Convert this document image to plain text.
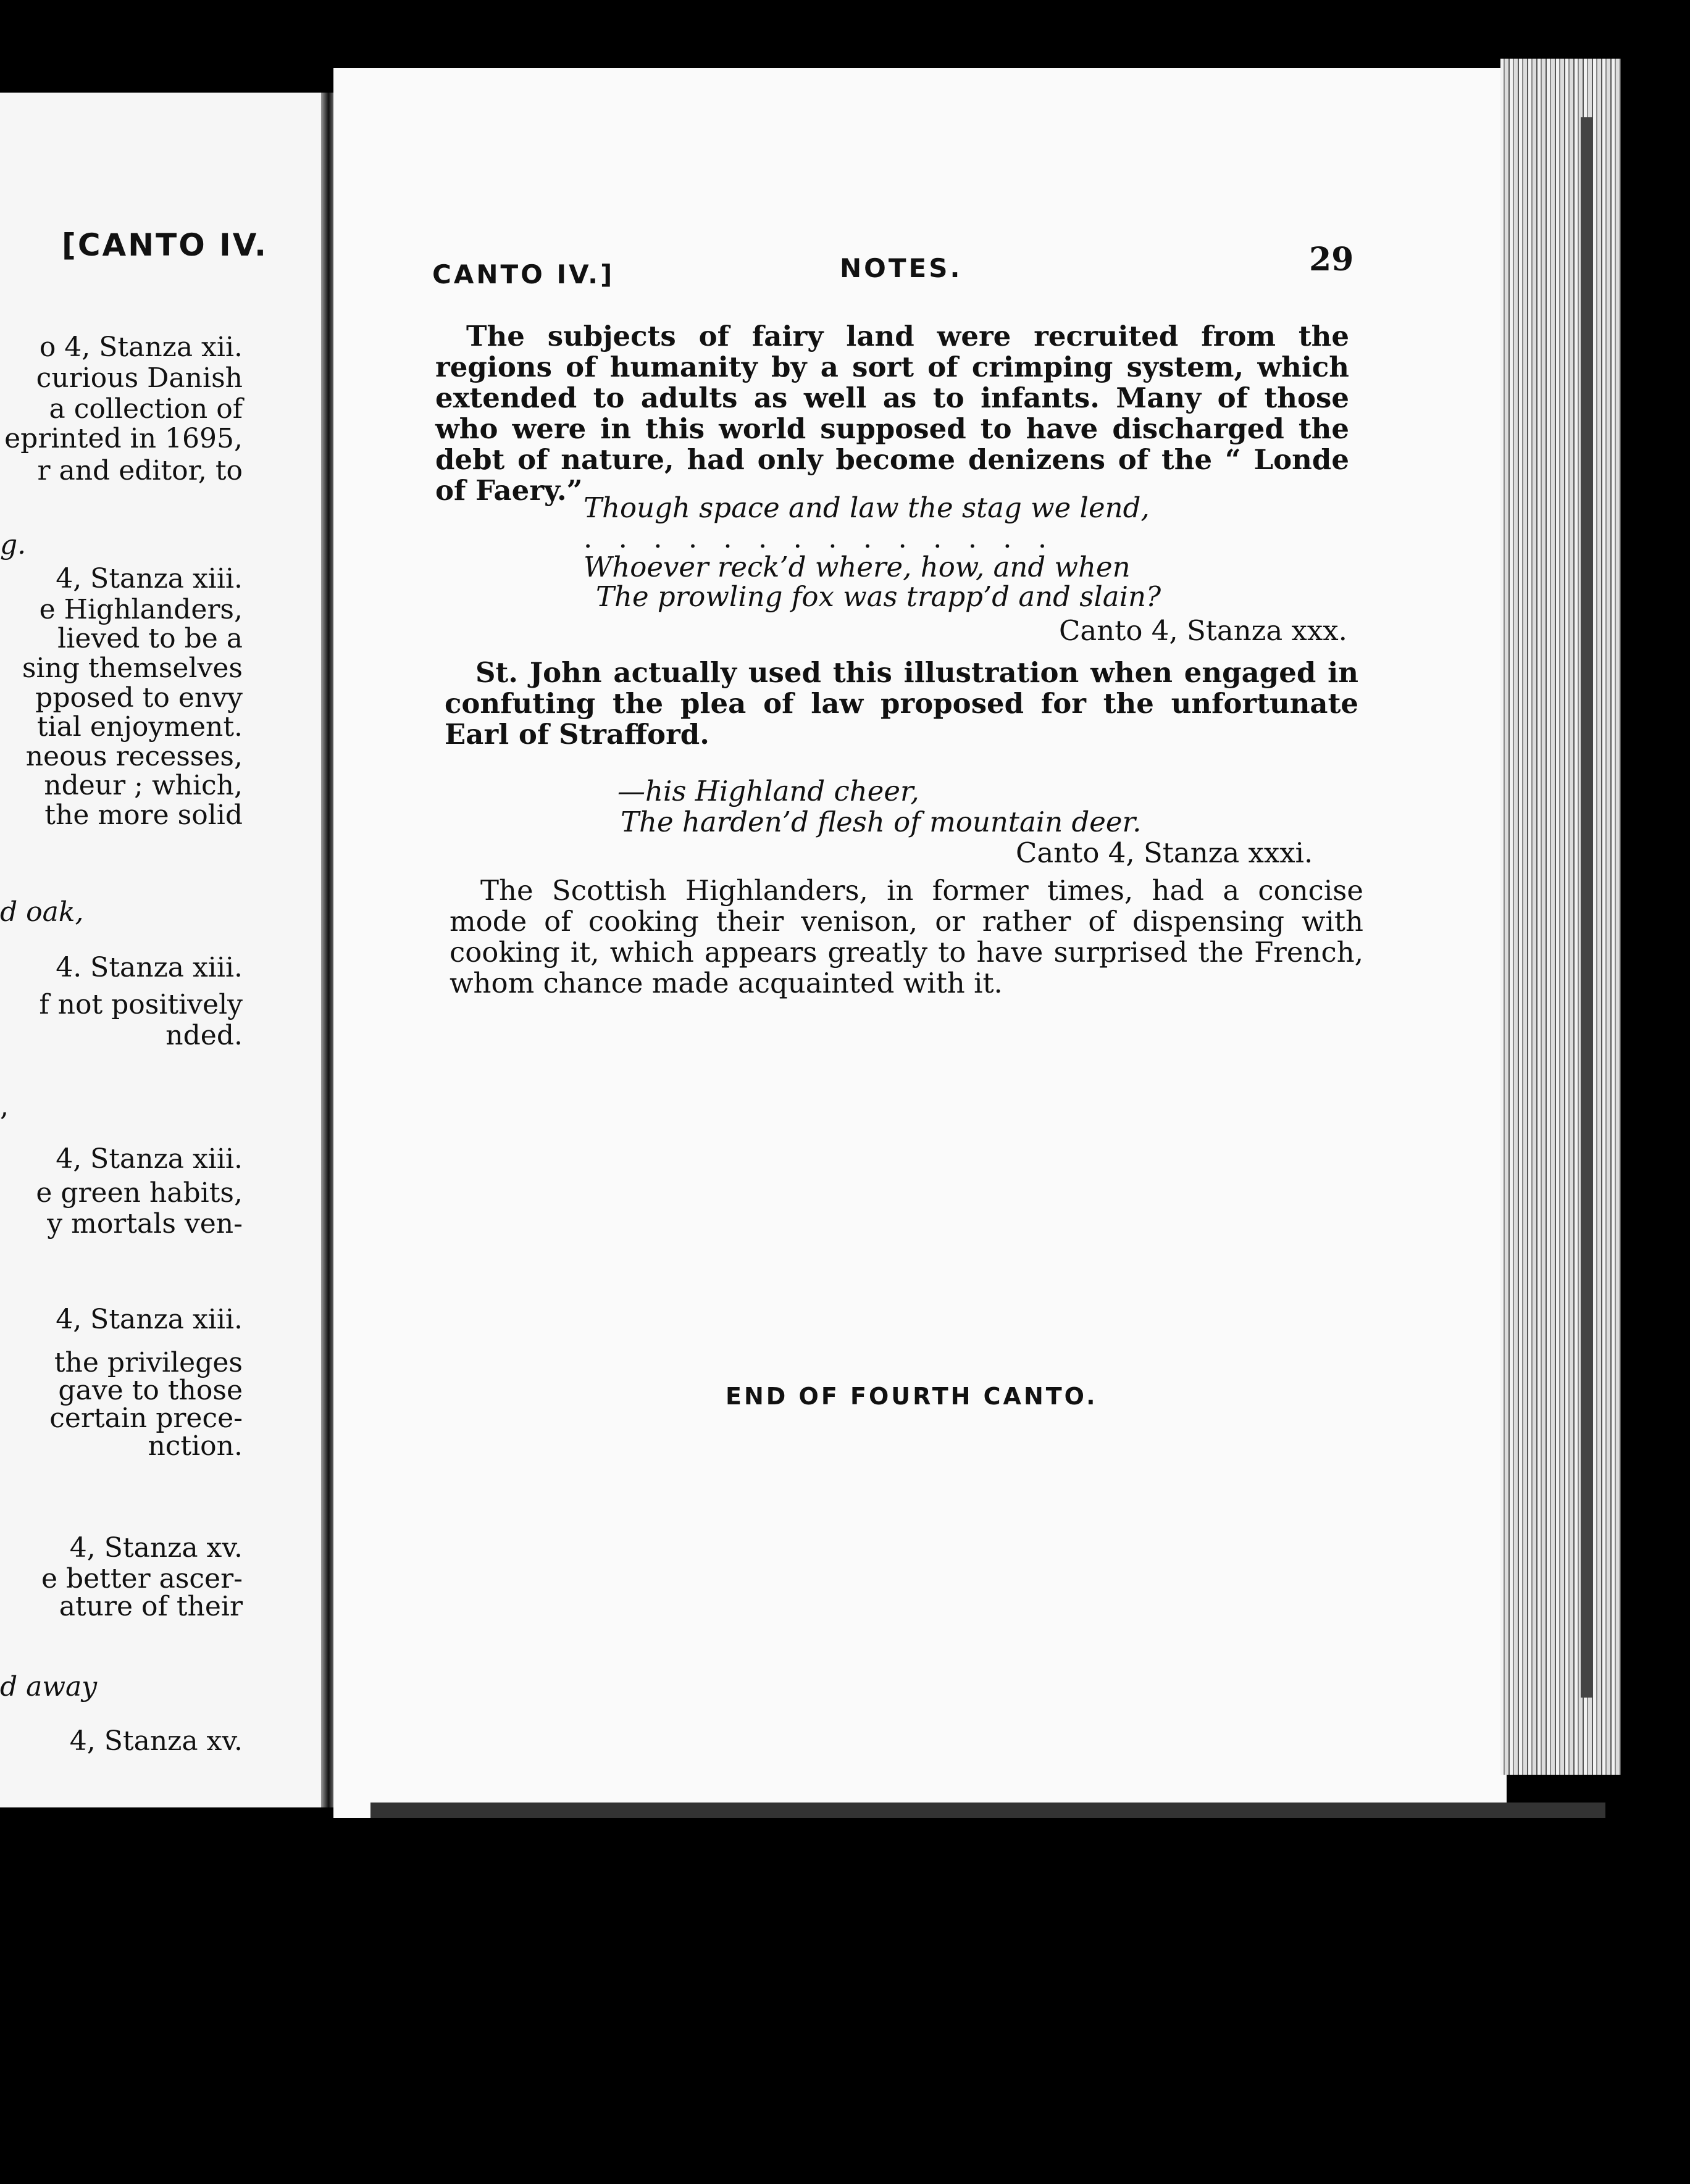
[CANTO IV.
o 4, Stanza xii.
curious Danish
a collection of
eprinted in 1695,
r and editor, to
g.
4, Stanza xiii.
e Highlanders,
lieved to be a
sing themselves
pposed to envy
tial enjoyment.
neous recesses,
ndeur ; which,
the more solid
d oak,
4. Stanza xiii.
f not positively
nded.
,
4, Stanza xiii.
e green habits,
y mortals ven-
4, Stanza xiii.
the privileges
gave to those
certain prece-
nction.
4, Stanza xv.
e better ascer-
ature of their
d away
4, Stanza xv.
CANTO IV.]	NOTES.	29
The subjects of fairy land were recruited from the regions of humanity by a sort of crimping system, which extended to adults as well as to infants. Many of those who were in this world supposed to have discharged the debt of nature, had only become denizens of the “ Londe of Faery.”
Though space and law the stag we lend,
. . . . . . . . . . . . . .
Whoever reck’d where, how, and when
The prowling fox was trapp’d and slain?
Canto 4, Stanza xxx.
St. John actually used this illustration when engaged in confuting the plea of law proposed for the unfortunate Earl of Strafford.
—his Highland cheer,
The harden’d flesh of mountain deer.
Canto 4, Stanza xxxi.
The Scottish Highlanders, in former times, had a concise mode of cooking their venison, or rather of dispensing with cooking it, which appears greatly to have surprised the French, whom chance made acquainted with it.
END OF FOURTH CANTO.
